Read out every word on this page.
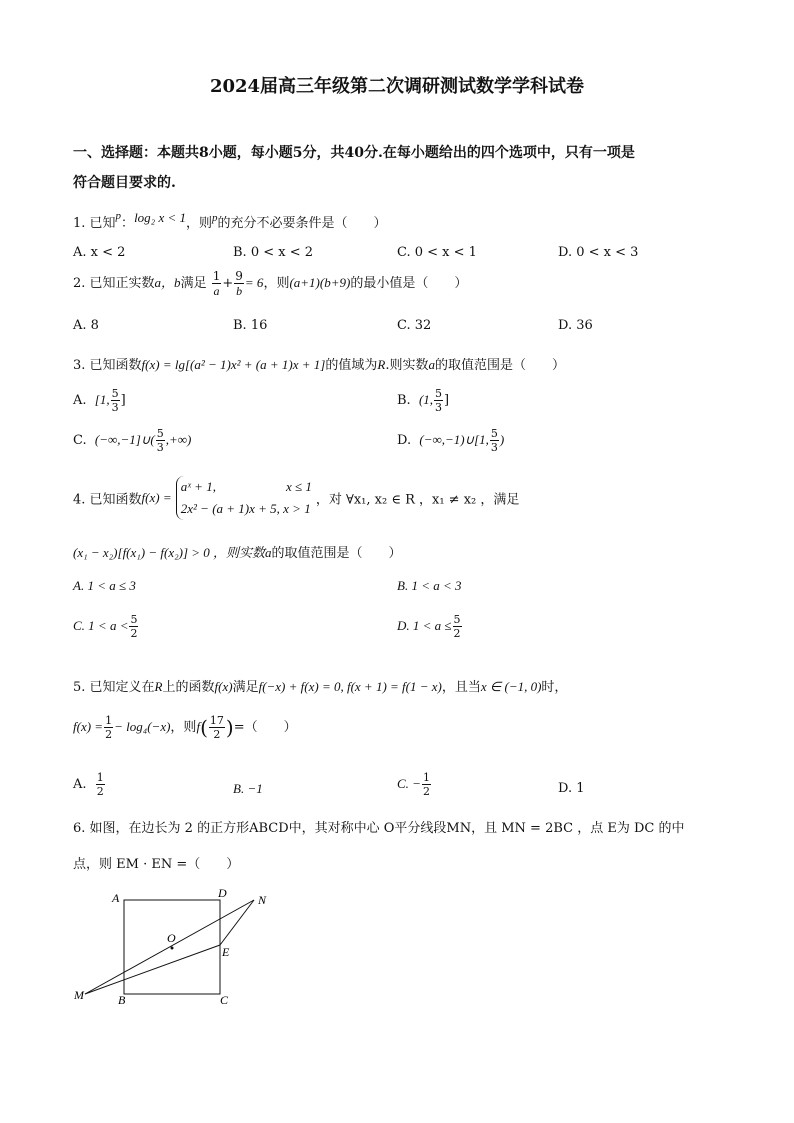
2024届高三年级第二次调研测试数学学科试卷
一、选择题：本题共8小题，每小题5分，共40分.在每小题给出的四个选项中，只有一项是
符合题目要求的.
1. 已知$^p$：log₂ x < 1，则$^p$的充分不必要条件是（　　）
A. x < 2	B. 0 < x < 2	C. 0 < x < 1	D. 0 < x < 3
2. 已知正实数a，b满足 $\frac{1}{a} + \frac{9}{b} = 6$，则(a+1)(b+9)的最小值是（　　）
A. 8	B. 16	C. 32	D. 36
3. 已知函数f(x) = lg[(a² − 1)x² + (a + 1)x + 1]的值域为R.则实数a的取值范围是（　　）
A. [1, $\frac{5}{3}$ ]	B. (1, $\frac{5}{3}$ ]
C. (−∞,−1]∪( $\frac{5}{3}$ ,+∞)	D. (−∞,−1)∪[1, $\frac{5}{3}$ )
4. 已知函数f(x) =
aˣ + 1,	x ≤ 1
2x² − (a + 1)x + 5, x > 1
，对 ∀x₁, x₂ ∈ R ，x₁ ≠ x₂ ，满足
(x₁ − x₂)[f(x₁) − f(x₂)] > 0 ，则实数a的取值范围是（　　）
A. 1 < a ≤ 3	B. 1 < a < 3
C. $1 < a < \frac{5}{2}$	D. $1 < a \le \frac{5}{2}$
5. 已知定义在R上的函数f(x)满足f(−x) + f(x) = 0, f(x + 1) = f(1 − x)，且当x ∈ (−1, 0)时，
$f(x) = \frac{1}{2} - \log_4(-x)$，则$f( \frac{17}{2}$ )=（　　）
A. $\frac{1}{2}$	B. −1	C. − $\frac{1}{2}$	D. 1
6. 如图，在边长为 2 的正方形ABCD中，其对称中心 O平分线段MN，且 MN = 2BC ，点 E为 DC 的中
点，则 EM · EN =（　　）
A	D	N
O
E
M	B	C
